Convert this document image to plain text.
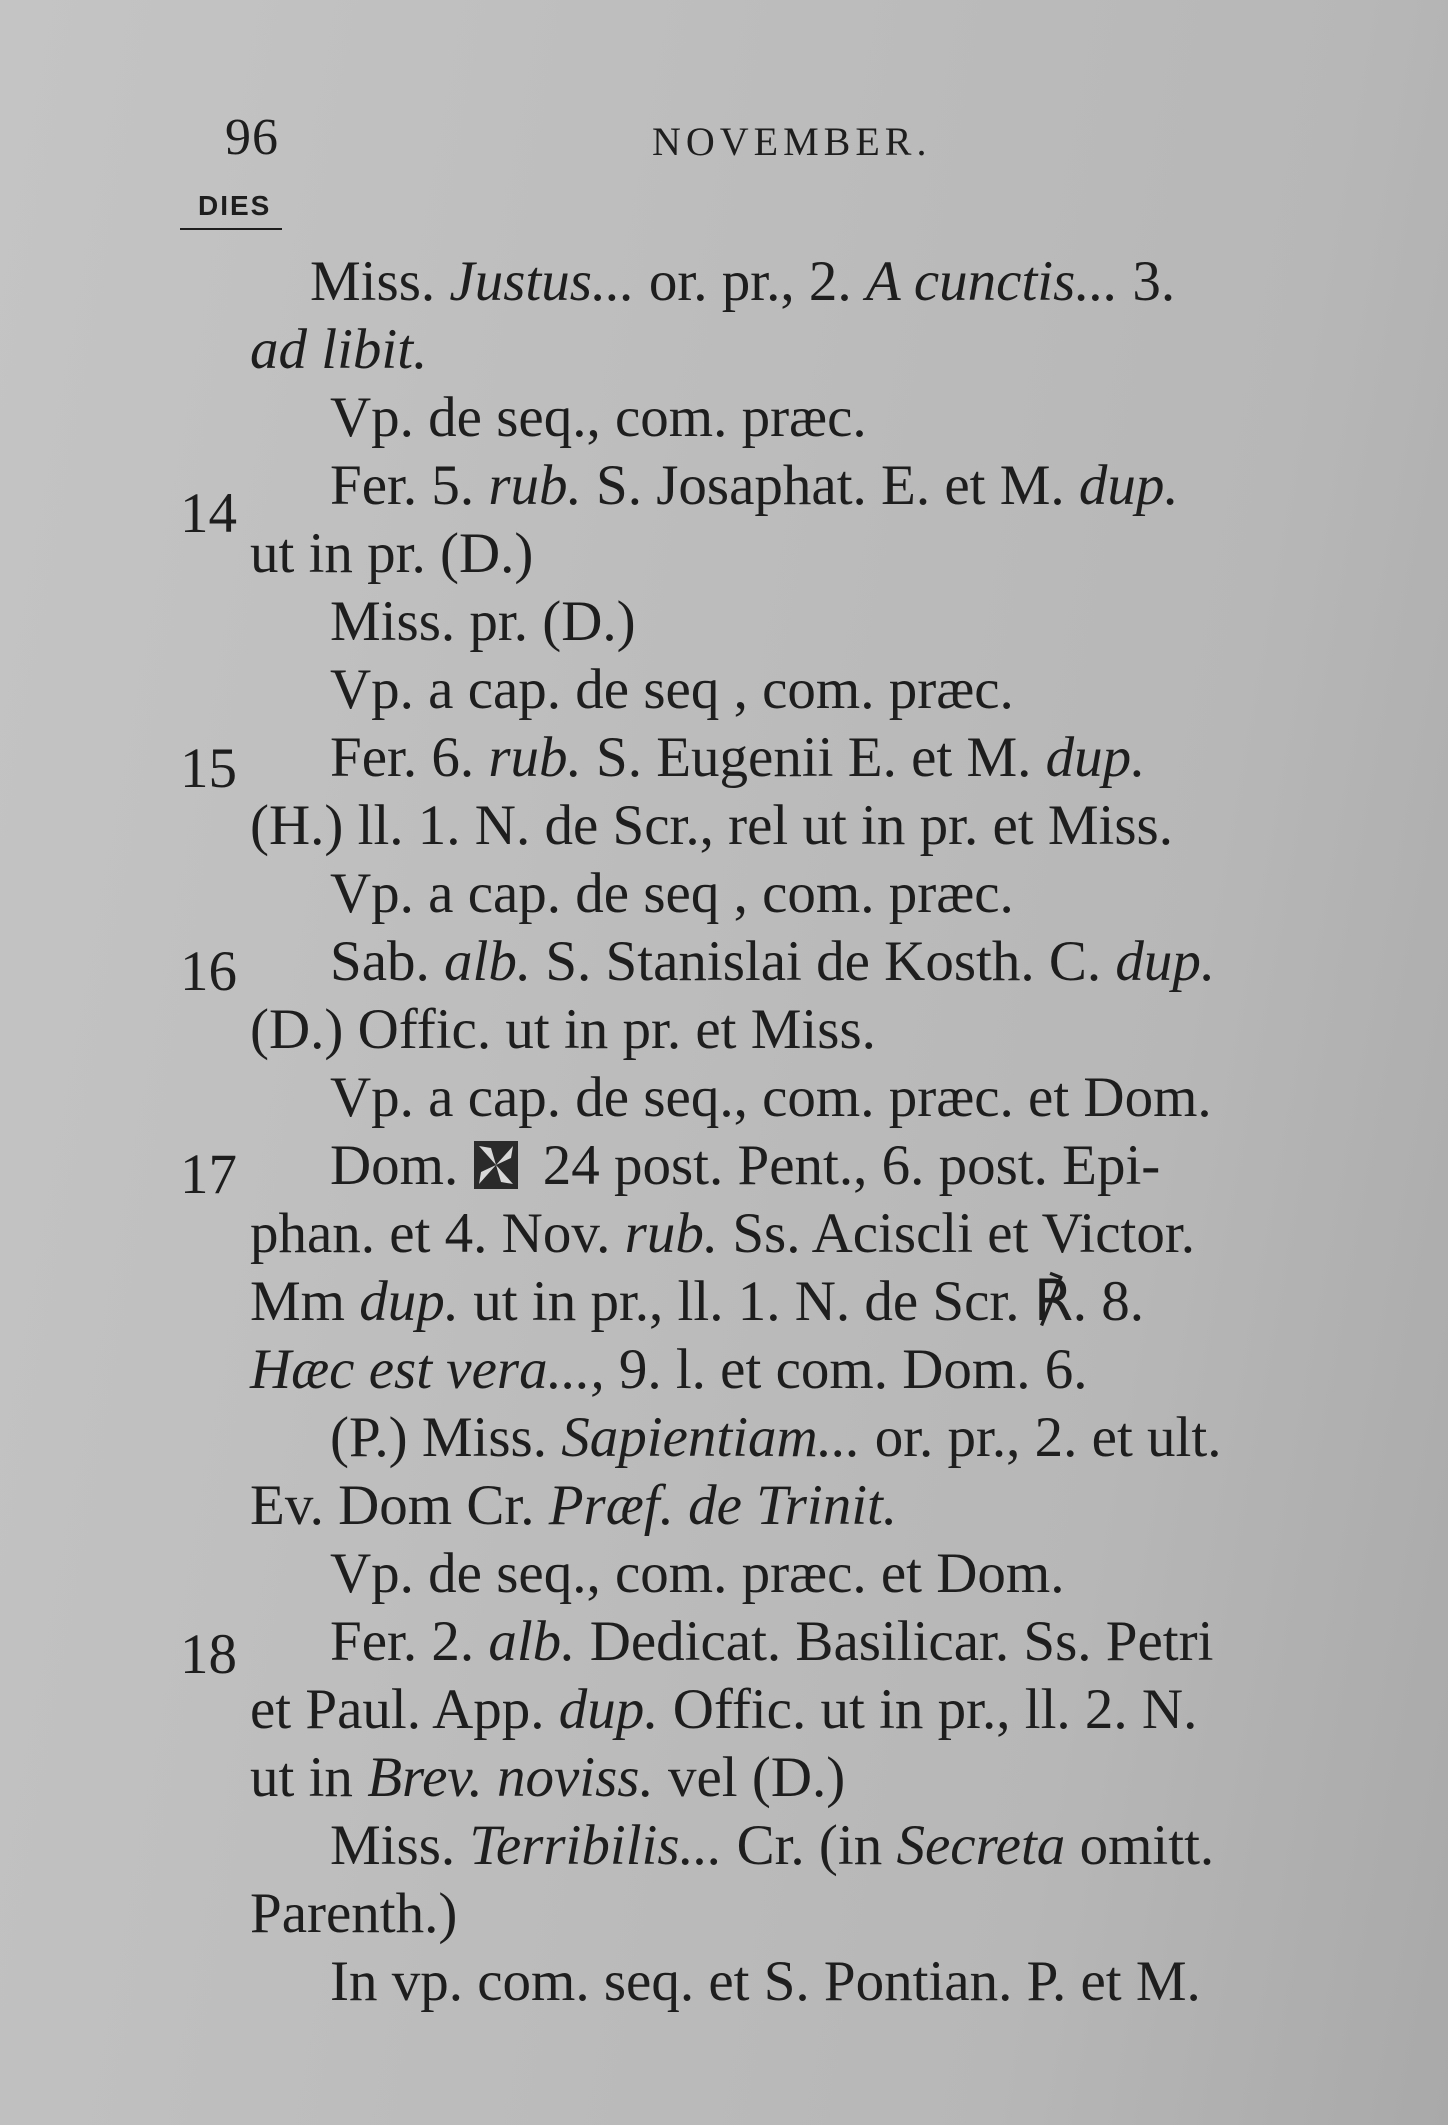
96	NOVEMBER.
DIES
14
15
16
17
18
Miss. Justus... or. pr., 2. A cunctis... 3.
ad libit.
Vp. de seq., com. præc.
Fer. 5. rub. S. Josaphat. E. et M. dup.
ut in pr. (D.)
Miss. pr. (D.)
Vp. a cap. de seq , com. præc.
Fer. 6. rub. S. Eugenii E. et M. dup.
(H.) ll. 1. N. de Scr., rel ut in pr. et Miss.
Vp. a cap. de seq , com. præc.
Sab. alb. S. Stanislai de Kosth. C. dup.
(D.) Offic. ut in pr. et Miss.
Vp. a cap. de seq., com. præc. et Dom.
Dom.  24 post. Pent., 6. post. Epi-
phan. et 4. Nov. rub. Ss. Aciscli et Victor.
Mm dup. ut in pr., ll. 1. N. de Scr. ℟. 8.
Hæc est vera..., 9. l. et com. Dom. 6.
(P.) Miss. Sapientiam... or. pr., 2. et ult.
Ev. Dom Cr. Præf. de Trinit.
Vp. de seq., com. præc. et Dom.
Fer. 2. alb. Dedicat. Basilicar. Ss. Petri
et Paul. App. dup. Offic. ut in pr., ll. 2. N.
ut in Brev. noviss. vel (D.)
Miss. Terribilis... Cr. (in Secreta omitt.
Parenth.)
In vp. com. seq. et S. Pontian. P. et M.
